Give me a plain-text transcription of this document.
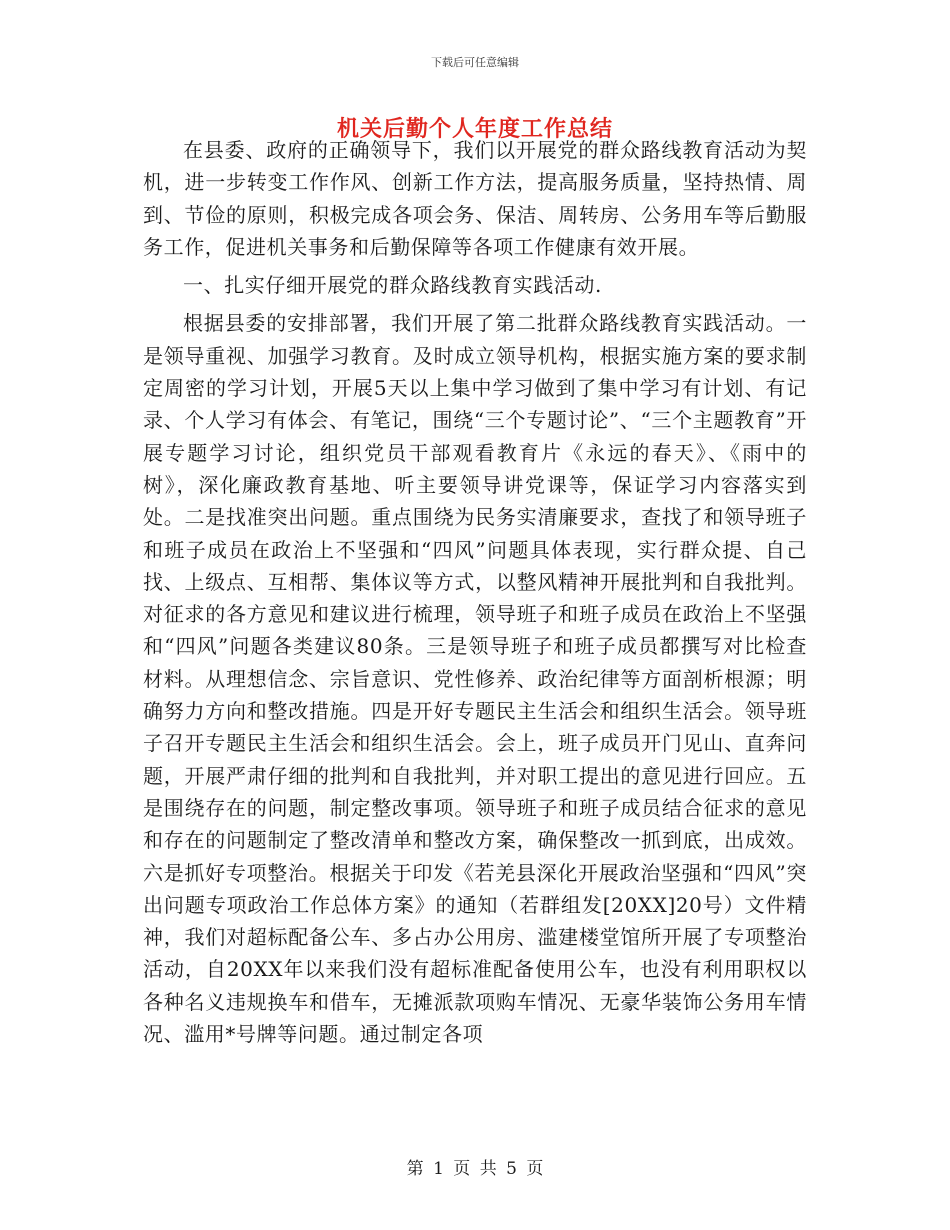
下载后可任意编辑
机关后勤个人年度工作总结

在县委、政府的正确领导下，我们以开展党的群众路线教育活动为契机，进一步转变工作作风、创新工作方法，提高服务质量，坚持热情、周到、节俭的原则，积极完成各项会务、保洁、周转房、公务用车等后勤服务工作，促进机关事务和后勤保障等各项工作健康有效开展。

一、扎实仔细开展党的群众路线教育实践活动.

根据县委的安排部署，我们开展了第二批群众路线教育实践活动。一是领导重视、加强学习教育。及时成立领导机构，根据实施方案的要求制定周密的学习计划，开展5天以上集中学习做到了集中学习有计划、有记录、个人学习有体会、有笔记，围绕“三个专题讨论”、“三个主题教育”开展专题学习讨论，组织党员干部观看教育片《永远的春天》、《雨中的树》，深化廉政教育基地、听主要领导讲党课等，保证学习内容落实到处。二是找准突出问题。重点围绕为民务实清廉要求，查找了和领导班子和班子成员在政治上不坚强和“四风”问题具体表现，实行群众提、自己找、上级点、互相帮、集体议等方式，以整风精神开展批判和自我批判。对征求的各方意见和建议进行梳理，领导班子和班子成员在政治上不坚强和“四风”问题各类建议80条。三是领导班子和班子成员都撰写对比检查材料。从理想信念、宗旨意识、党性修养、政治纪律等方面剖析根源；明确努力方向和整改措施。四是开好专题民主生活会和组织生活会。领导班子召开专题民主生活会和组织生活会。会上，班子成员开门见山、直奔问题，开展严肃仔细的批判和自我批判，并对职工提出的意见进行回应。五是围绕存在的问题，制定整改事项。领导班子和班子成员结合征求的意见和存在的问题制定了整改清单和整改方案，确保整改一抓到底，出成效。六是抓好专项整治。根据关于印发《若羌县深化开展政治坚强和“四风”突出问题专项政治工作总体方案》的通知（若群组发[20XX]20号）文件精神，我们对超标配备公车、多占办公用房、滥建楼堂馆所开展了专项整治活动，自20XX年以来我们没有超标准配备使用公车，也没有利用职权以各种名义违规换车和借车，无摊派款项购车情况、无豪华装饰公务用车情况、滥用*号牌等问题。通过制定各项

第 1 页 共 5 页
